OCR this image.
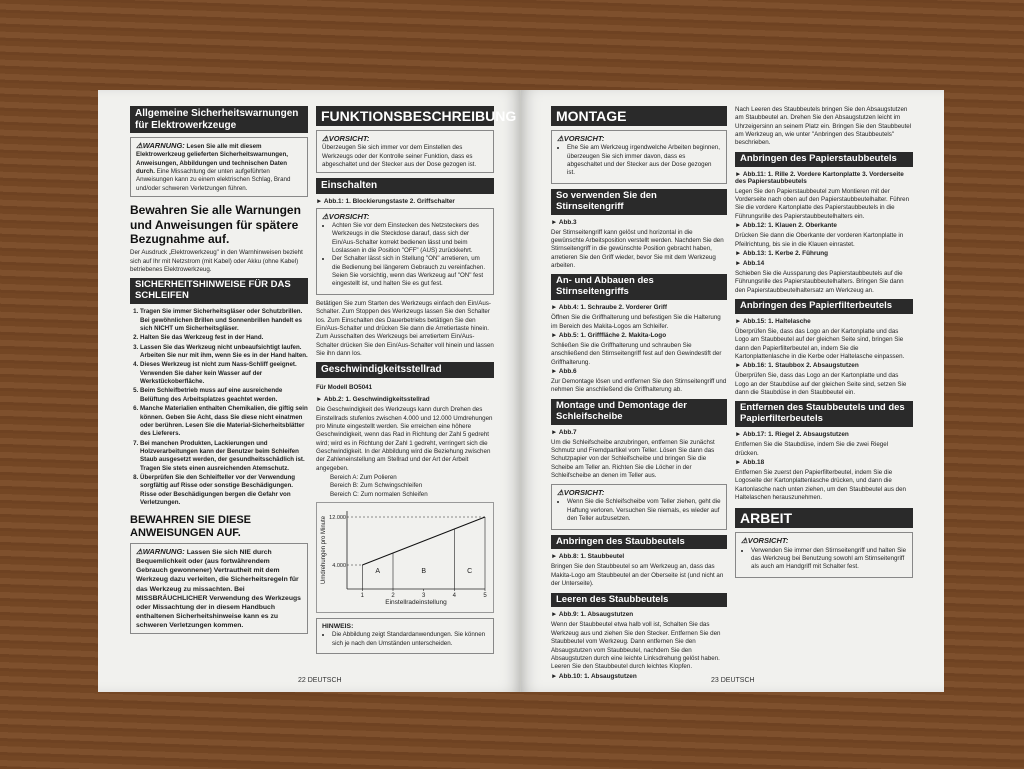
Allgemeine Sicherheitswarnungen für Elektrowerkzeuge
⚠WARNUNG: Lesen Sie alle mit diesem Elektrowerkzeug gelieferten Sicherheitswarnungen, Anweisungen, Abbildungen und technischen Daten durch. Eine Missachtung der unten aufgeführten Anweisungen kann zu einem elektrischen Schlag, Brand und/oder schweren Verletzungen führen.
Bewahren Sie alle Warnungen und Anweisungen für spätere Bezugnahme auf.
Der Ausdruck „Elektrowerkzeug" in den Warnhinweisen bezieht sich auf Ihr mit Netzstrom (mit Kabel) oder Akku (ohne Kabel) betriebenes Elektrowerkzeug.
SICHERHEITSHINWEISE FÜR DAS SCHLEIFEN
1. Tragen Sie immer Sicherheitsgläser oder Schutzbrillen. Bei gewöhnlichen Brillen und Sonnenbrillen handelt es sich NICHT um Sicherheitsgläser.
2. Halten Sie das Werkzeug fest in der Hand.
3. Lassen Sie das Werkzeug nicht unbeaufsichtigt laufen. Arbeiten Sie nur mit ihm, wenn Sie es in der Hand halten.
4. Dieses Werkzeug ist nicht zum Nass-Schliff geeignet. Verwenden Sie daher kein Wasser auf der Werkstückoberfläche.
5. Beim Schleifbetrieb muss auf eine ausreichende Belüftung des Arbeitsplatzes geachtet werden.
6. Manche Materialien enthalten Chemikalien, die giftig sein können. Geben Sie Acht, dass Sie diese nicht einatmen oder berühren. Lesen Sie die Material-Sicherheitsblätter des Lieferers.
7. Bei manchen Produkten, Lackierungen und Holzverarbeitungen kann der Benutzer beim Schleifen Staub ausgesetzt werden, der gesundheitsschädlich ist. Tragen Sie stets einen ausreichenden Atemschutz.
8. Überprüfen Sie den Schleifteller vor der Verwendung sorgfältig auf Risse oder sonstige Beschädigungen. Risse oder Beschädigungen bergen die Gefahr von Verletzungen.
BEWAHREN SIE DIESE ANWEISUNGEN AUF.
⚠WARNUNG: Lassen Sie sich NIE durch Bequemlichkeit oder (aus fortwährendem Gebrauch gewonnener) Vertrautheit mit dem Werkzeug dazu verleiten, die Sicherheitsregeln für das Werkzeug zu missachten. Bei MISSBRÄUCHLICHER Verwendung des Werkzeugs oder Missachtung der in diesem Handbuch enthaltenen Sicherheitshinweise kann es zu schweren Verletzungen kommen.
FUNKTIONSBESCHREIBUNG
⚠VORSICHT:
Überzeugen Sie sich immer vor dem Einstellen des Werkzeugs oder der Kontrolle seiner Funktion, dass es abgeschaltet und der Stecker aus der Dose gezogen ist.
Einschalten
► Abb.1: 1. Blockierungstaste 2. Griffschalter
⚠VORSICHT:
• Achten Sie vor dem Einstecken des Netzsteckers des Werkzeugs in die Steckdose darauf, dass sich der Ein/Aus-Schalter korrekt bedienen lässt und beim Loslassen in die Position "OFF" (AUS) zurückkehrt.
• Der Schalter lässt sich in Stellung "ON" arretieren, um die Bedienung bei längerem Gebrauch zu vereinfachen. Seien Sie vorsichtig, wenn das Werkzeug auf "ON" fest eingestellt ist, und halten Sie es gut fest.
Betätigen Sie zum Starten des Werkzeugs einfach den Ein/Aus-Schalter. Zum Stoppen des Werkzeugs lassen Sie den Schalter los. Zum Einschalten des Dauerbetriebs betätigen Sie den Ein/Aus-Schalter und drücken Sie dann die Arretiertaste hinein. Zum Ausschalten des Werkzeugs bei arretiertem Ein/Aus-Schalter drücken Sie den Ein/Aus-Schalter voll hinein und lassen Sie ihn dann los.
Geschwindigkeitsstellrad
Für Modell BO5041
► Abb.2: 1. Geschwindigkeitsstellrad
Die Geschwindigkeit des Werkzeugs kann durch Drehen des Einstellrads stufenlos zwischen 4.000 und 12.000 Umdrehungen pro Minute eingestellt werden. Sie erreichen eine höhere Geschwindigkeit, wenn das Rad in Richtung der Zahl 5 gedreht wird; wird es in Richtung der Zahl 1 gedreht, verringert sich die Geschwindigkeit. In der Abbildung wird die Beziehung zwischen der Zahleneinstellung am Stellrad und der Art der Arbeit angegeben.
Bereich A: Zum Polieren
Bereich B: Zum Schwingschleifen
Bereich C: Zum normalen Schleifen
A	B	C
1	2	3	4	5
4.000
12.000
Einstellradeinstellung
Umdrehungen pro Minute
HINWEIS:
• Die Abbildung zeigt Standardanwendungen. Sie können sich je nach den Umständen unterscheiden.
22 DEUTSCH
MONTAGE
⚠VORSICHT:
• Ehe Sie am Werkzeug irgendwelche Arbeiten beginnen, überzeugen Sie sich immer davon, dass es abgeschaltet und der Stecker aus der Dose gezogen ist.
So verwenden Sie den Stirnseitengriff
► Abb.3
Der Stirnseitengriff kann gelöst und horizontal in die gewünschte Arbeitsposition verstellt werden. Nachdem Sie den Stirnseitengriff in die gewünschte Position gebracht haben, arretieren Sie den Griff wieder, bevor Sie mit dem Werkzeug arbeiten.
An- und Abbauen des Stirnseitengriffs
► Abb.4: 1. Schraube 2. Vorderer Griff
Öffnen Sie die Griffhalterung und befestigen Sie die Halterung im Bereich des Makita-Logos am Schleifer.
► Abb.5: 1. Grifffläche 2. Makita-Logo
Schließen Sie die Griffhalterung und schrauben Sie anschließend den Stirnseitengriff fest auf den Gewindestift der Griffhalterung.
► Abb.6
Zur Demontage lösen und entfernen Sie den Stirnseitengriff und nehmen Sie anschließend die Griffhalterung ab.
Montage und Demontage der Schleifscheibe
► Abb.7
Um die Schleifscheibe anzubringen, entfernen Sie zunächst Schmutz und Fremdpartikel vom Teller. Lösen Sie dann das Schutzpapier von der Schleifscheibe und bringen Sie die Scheibe am Teller an. Richten Sie die Löcher in der Schleifscheibe an denen im Teller aus.
⚠VORSICHT:
• Wenn Sie die Schleifscheibe vom Teller ziehen, geht die Haftung verloren. Versuchen Sie niemals, es wieder auf den Teller aufzusetzen.
Anbringen des Staubbeutels
► Abb.8: 1. Staubbeutel
Bringen Sie den Staubbeutel so am Werkzeug an, dass das Makita-Logo am Staubbeutel an der Oberseite ist (und nicht an der Unterseite).
Leeren des Staubbeutels
► Abb.9: 1. Absaugstutzen
Wenn der Staubbeutel etwa halb voll ist, Schalten Sie das Werkzeug aus und ziehen Sie den Stecker. Entfernen Sie den Staubbeutel vom Werkzeug. Dann entfernen Sie den Absaugstutzen vom Staubbeutel, nachdem Sie den Absaugstutzen durch eine leichte Linksdrehung gelöst haben. Leeren Sie den Staubbeutel durch leichtes Klopfen.
► Abb.10: 1. Absaugstutzen
Nach Leeren des Staubbeutels bringen Sie den Absaugstutzen am Staubbeutel an. Drehen Sie den Absaugstutzen leicht im Uhrzeigersinn an seinem Platz ein. Bringen Sie den Staubbeutel am Werkzeug an, wie unter "Anbringen des Staubbeutels" beschrieben.
Anbringen des Papierstaubbeutels
► Abb.11: 1. Rille 2. Vordere Kartonplatte 3. Vorderseite des Papierstaubbeutels
Legen Sie den Papierstaubbeutel zum Montieren mit der Vorderseite nach oben auf den Papierstaubbeutelhalter. Führen Sie die vordere Kartonplatte des Papierstaubbeutels in die Führungsrille des Papierstaubbeutelhalters ein.
► Abb.12: 1. Klauen 2. Oberkante
Drücken Sie dann die Oberkante der vorderen Kartonplatte in Pfeilrichtung, bis sie in die Klauen einrastet.
► Abb.13: 1. Kerbe 2. Führung
► Abb.14
Schieben Sie die Aussparung des Papierstaubbeutels auf die Führungsrille des Papierstaubbeutelhalters. Bringen Sie dann den Papierstaubbeutelhaltersatz am Werkzeug an.
Anbringen des Papierfilterbeutels
► Abb.15: 1. Haltelasche
Überprüfen Sie, dass das Logo an der Kartonplatte und das Logo am Staubbeutel auf der gleichen Seite sind, bringen Sie dann den Papierfilterbeutel an, indem Sie die Kartonplattenlasche in die Kerbe oder Haltelasche einpassen.
► Abb.16: 1. Staubbox 2. Absaugstutzen
Überprüfen Sie, dass das Logo an der Kartonplatte und das Logo an der Staubdüse auf der gleichen Seite sind, setzen Sie dann die Staubdüse in den Staubbeutel ein.
Entfernen des Staubbeutels und des Papierfilterbeutels
► Abb.17: 1. Riegel 2. Absaugstutzen
Entfernen Sie die Staubdüse, indem Sie die zwei Riegel drücken.
► Abb.18
Entfernen Sie zuerst den Papierfilterbeutel, indem Sie die Logoseite der Kartonplattenlasche drücken, und dann die Kartonlasche nach unten ziehen, um den Staubbeutel aus den Haltelaschen herauszunehmen.
ARBEIT
⚠VORSICHT:
• Verwenden Sie immer den Stirnseitengriff und halten Sie das Werkzeug bei Benutzung sowohl am Stirnseitengriff als auch am Handgriff mit Schalter fest.
23 DEUTSCH
